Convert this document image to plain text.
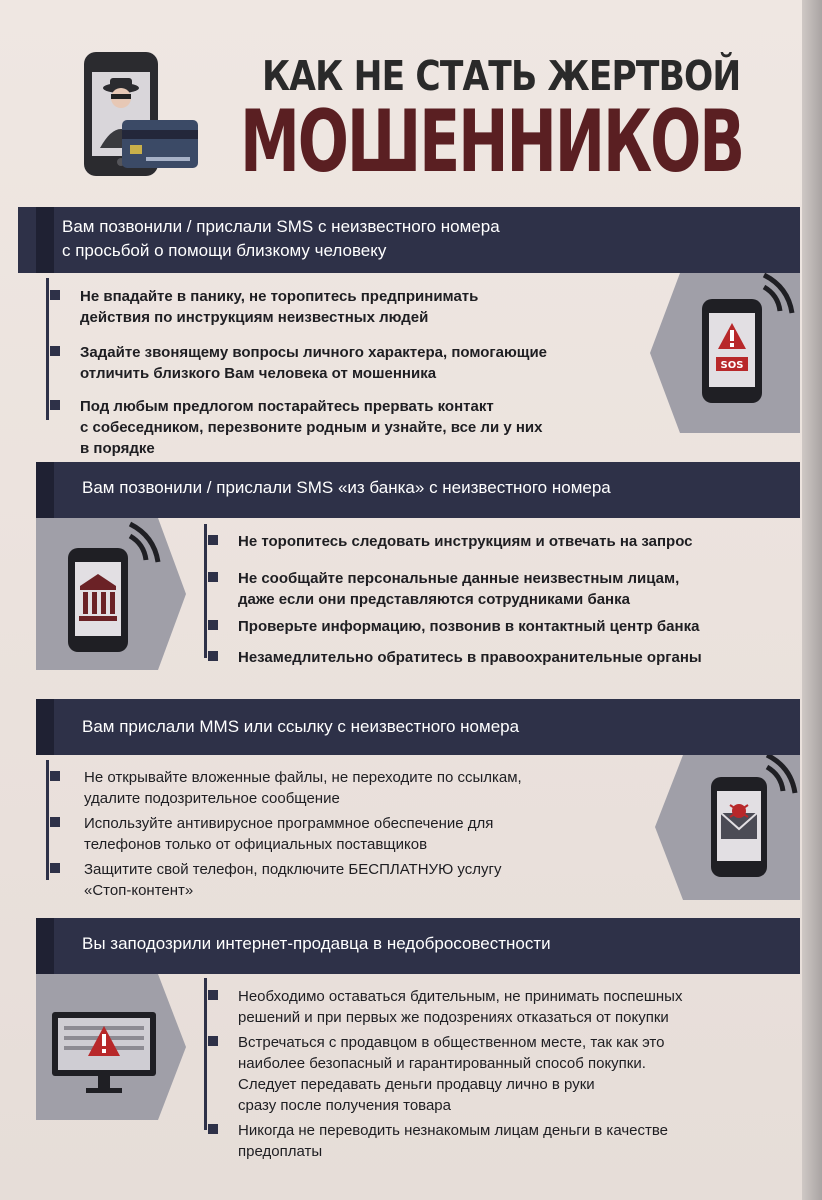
КАК НЕ СТАТЬ ЖЕРТВОЙ
МОШЕННИКОВ
Вам позвонили / прислали SMS с неизвестного номера
с просьбой о помощи близкому человеку
SOS
Не впадайте в панику, не торопитесь предпринимать
действия по инструкциям неизвестных людей
Задайте звонящему вопросы личного характера, помогающие
отличить близкого Вам человека от мошенника
Под любым предлогом постарайтесь прервать контакт
с собеседником, перезвоните родным и узнайте, все ли у них
в порядке
Вам позвонили / прислали SMS «из банка» с неизвестного номера
Не торопитесь следовать инструкциям и отвечать на запрос
Не сообщайте персональные данные неизвестным лицам,
даже если они представляются сотрудниками банка
Проверьте информацию, позвонив в контактный центр банка
Незамедлительно обратитесь в правоохранительные органы
Вам прислали MMS или ссылку с неизвестного номера
Не открывайте вложенные файлы, не переходите по ссылкам,
удалите подозрительное сообщение
Используйте антивирусное программное обеспечение для
телефонов только от официальных поставщиков
Защитите свой телефон, подключите БЕСПЛАТНУЮ услугу
«Стоп-контент»
Вы заподозрили интернет-продавца в недобросовестности
Необходимо оставаться бдительным, не принимать поспешных
решений и при первых же подозрениях отказаться от покупки
Встречаться с продавцом в общественном месте, так как это
наиболее безопасный и гарантированный способ покупки.
Следует передавать деньги продавцу лично в руки
сразу после получения товара
Никогда не переводить незнакомым лицам деньги в качестве
предоплаты
